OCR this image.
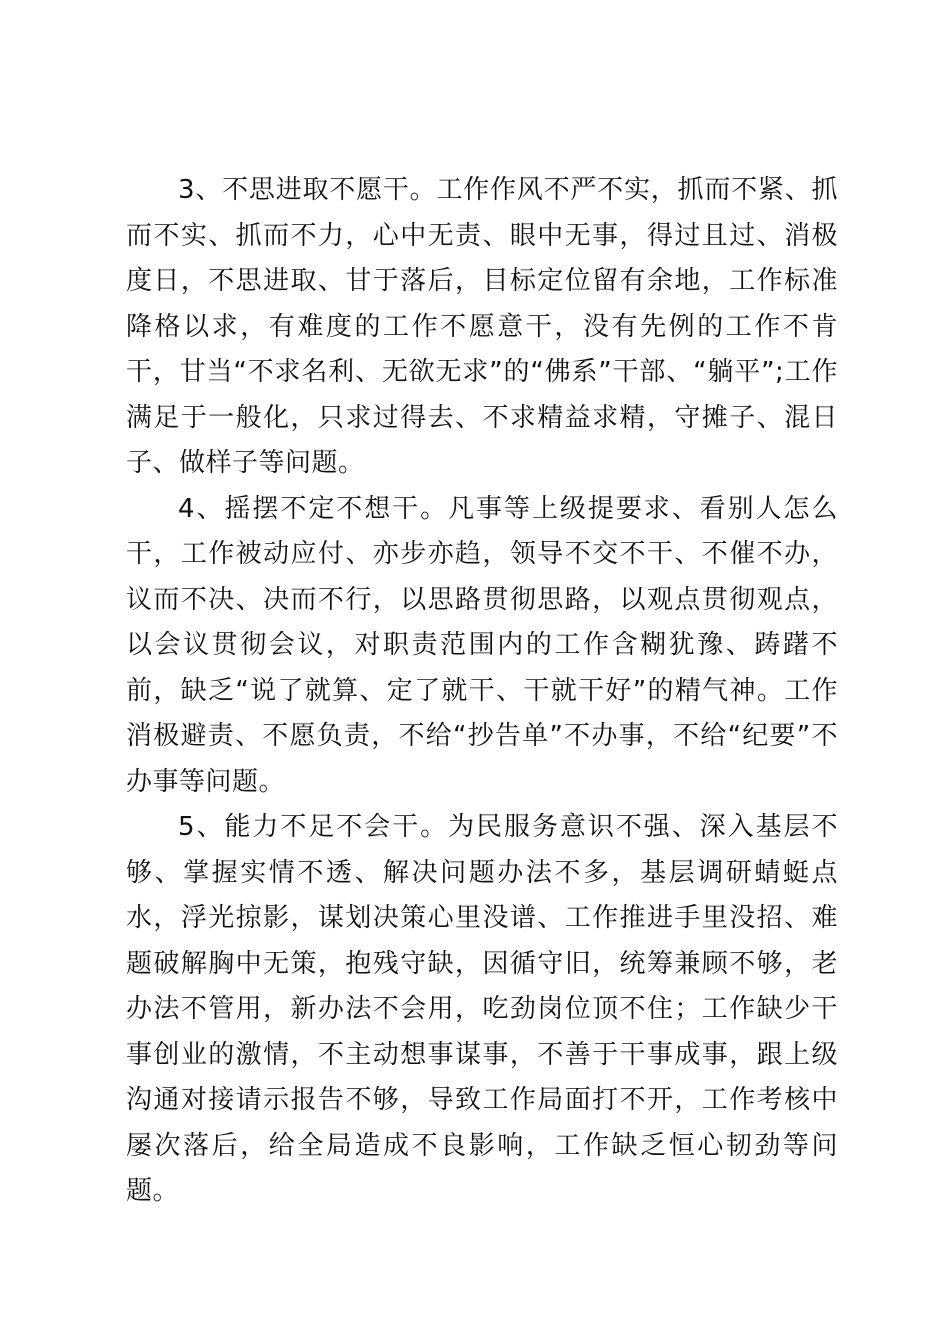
3、不思进取不愿干。工作作风不严不实，抓而不紧、抓而不实、抓而不力，心中无责、眼中无事，得过且过、消极度日，不思进取、甘于落后，目标定位留有余地，工作标准降格以求，有难度的工作不愿意干，没有先例的工作不肯干，甘当“不求名利、无欲无求”的“佛系”干部、“躺平”;工作满足于一般化，只求过得去、不求精益求精，守摊子、混日子、做样子等问题。

4、摇摆不定不想干。凡事等上级提要求、看别人怎么干，工作被动应付、亦步亦趋，领导不交不干、不催不办，议而不决、决而不行，以思路贯彻思路，以观点贯彻观点，以会议贯彻会议，对职责范围内的工作含糊犹豫、踌躇不前，缺乏“说了就算、定了就干、干就干好”的精气神。工作消极避责、不愿负责，不给“抄告单”不办事，不给“纪要”不办事等问题。

5、能力不足不会干。为民服务意识不强、深入基层不够、掌握实情不透、解决问题办法不多，基层调研蜻蜓点水，浮光掠影，谋划决策心里没谱、工作推进手里没招、难题破解胸中无策，抱残守缺，因循守旧，统筹兼顾不够，老办法不管用，新办法不会用，吃劲岗位顶不住；工作缺少干事创业的激情，不主动想事谋事，不善于干事成事，跟上级沟通对接请示报告不够，导致工作局面打不开，工作考核中屡次落后，给全局造成不良影响，工作缺乏恒心韧劲等问题。
